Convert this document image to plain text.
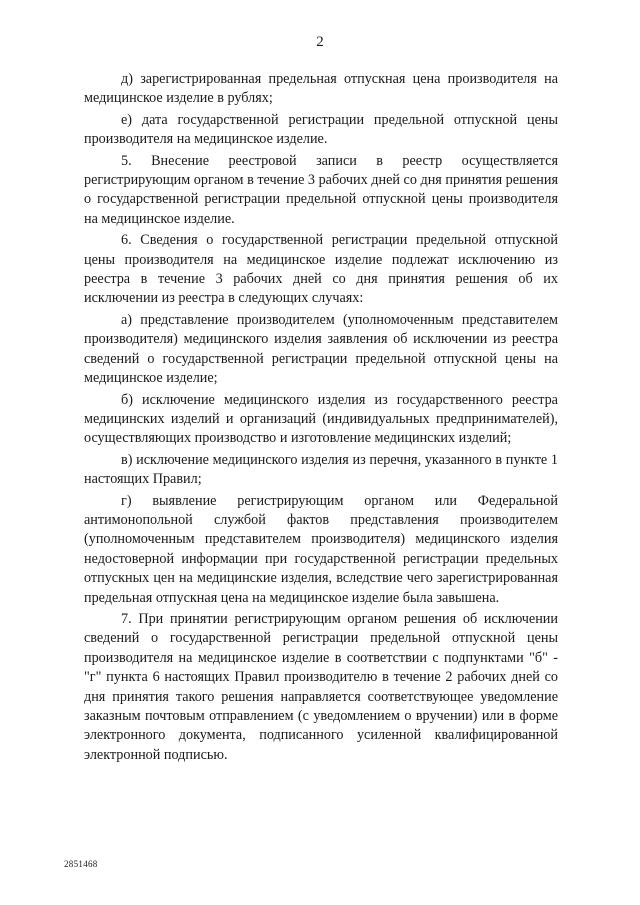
2

д) зарегистрированная предельная отпускная цена производителя на медицинское изделие в рублях;

е) дата государственной регистрации предельной отпускной цены производителя на медицинское изделие.

5. Внесение реестровой записи в реестр осуществляется регистрирующим органом в течение 3 рабочих дней со дня принятия решения о государственной регистрации предельной отпускной цены производителя на медицинское изделие.

6. Сведения о государственной регистрации предельной отпускной цены производителя на медицинское изделие подлежат исключению из реестра в течение 3 рабочих дней со дня принятия решения об их исключении из реестра в следующих случаях:

а) представление производителем (уполномоченным представителем производителя) медицинского изделия заявления об исключении из реестра сведений о государственной регистрации предельной отпускной цены на медицинское изделие;

б) исключение медицинского изделия из государственного реестра медицинских изделий и организаций (индивидуальных предпринимателей), осуществляющих производство и изготовление медицинских изделий;

в) исключение медицинского изделия из перечня, указанного в пункте 1 настоящих Правил;

г) выявление регистрирующим органом или Федеральной антимонопольной службой фактов представления производителем (уполномоченным представителем производителя) медицинского изделия недостоверной информации при государственной регистрации предельных отпускных цен на медицинские изделия, вследствие чего зарегистрированная предельная отпускная цена на медицинское изделие была завышена.

7. При принятии регистрирующим органом решения об исключении сведений о государственной регистрации предельной отпускной цены производителя на медицинское изделие в соответствии с подпунктами "б" - "г" пункта 6 настоящих Правил производителю в течение 2 рабочих дней со дня принятия такого решения направляется соответствующее уведомление заказным почтовым отправлением (с уведомлением о вручении) или в форме электронного документа, подписанного усиленной квалифицированной электронной подписью.

2851468
